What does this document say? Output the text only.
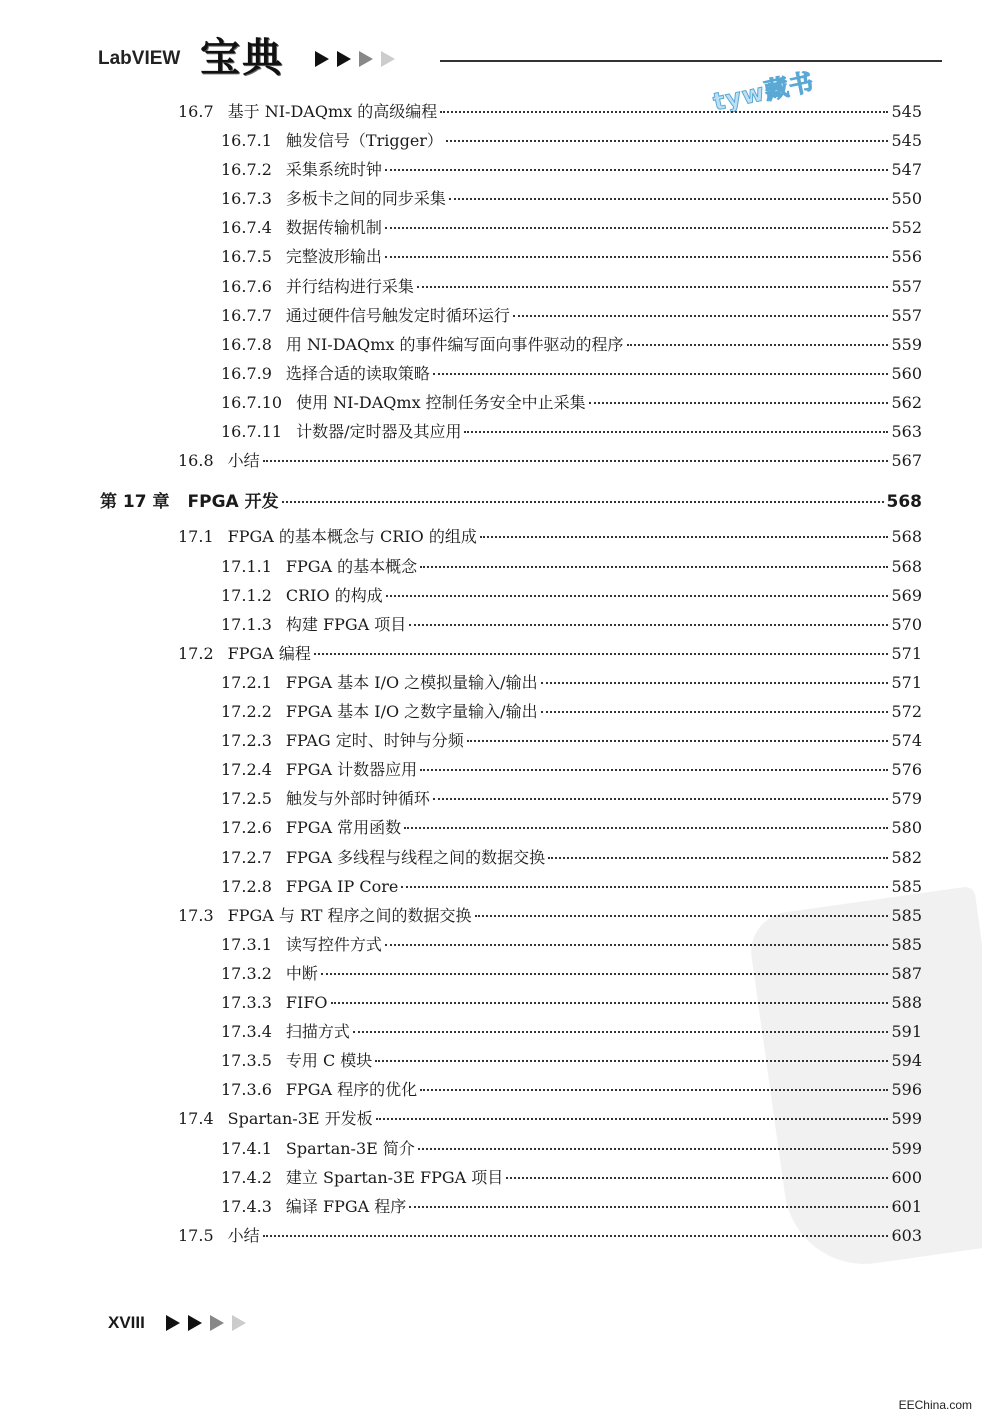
LabVIEW 宝典
tyw藏书
16.7 基于 NI-DAQmx 的高级编程	545
16.7.1 触发信号（Trigger）	545
16.7.2 采集系统时钟	547
16.7.3 多板卡之间的同步采集	550
16.7.4 数据传输机制	552
16.7.5 完整波形输出	556
16.7.6 并行结构进行采集	557
16.7.7 通过硬件信号触发定时循环运行	557
16.7.8 用 NI-DAQmx 的事件编写面向事件驱动的程序	559
16.7.9 选择合适的读取策略	560
16.7.10 使用 NI-DAQmx 控制任务安全中止采集	562
16.7.11 计数器/定时器及其应用	563
16.8 小结	567
第 17 章	FPGA 开发	568
17.1 FPGA 的基本概念与 CRIO 的组成	568
17.1.1 FPGA 的基本概念	568
17.1.2 CRIO 的构成	569
17.1.3 构建 FPGA 项目	570
17.2 FPGA 编程	571
17.2.1 FPGA 基本 I/O 之模拟量输入/输出	571
17.2.2 FPGA 基本 I/O 之数字量输入/输出	572
17.2.3 FPAG 定时、时钟与分频	574
17.2.4 FPGA 计数器应用	576
17.2.5 触发与外部时钟循环	579
17.2.6 FPGA 常用函数	580
17.2.7 FPGA 多线程与线程之间的数据交换	582
17.2.8 FPGA IP Core	585
17.3 FPGA 与 RT 程序之间的数据交换	585
17.3.1 读写控件方式	585
17.3.2 中断	587
17.3.3 FIFO	588
17.3.4 扫描方式	591
17.3.5 专用 C 模块	594
17.3.6 FPGA 程序的优化	596
17.4 Spartan-3E 开发板	599
17.4.1 Spartan-3E 简介	599
17.4.2 建立 Spartan-3E FPGA 项目	600
17.4.3 编译 FPGA 程序	601
17.5 小结	603
XVIII
EEChina.com
